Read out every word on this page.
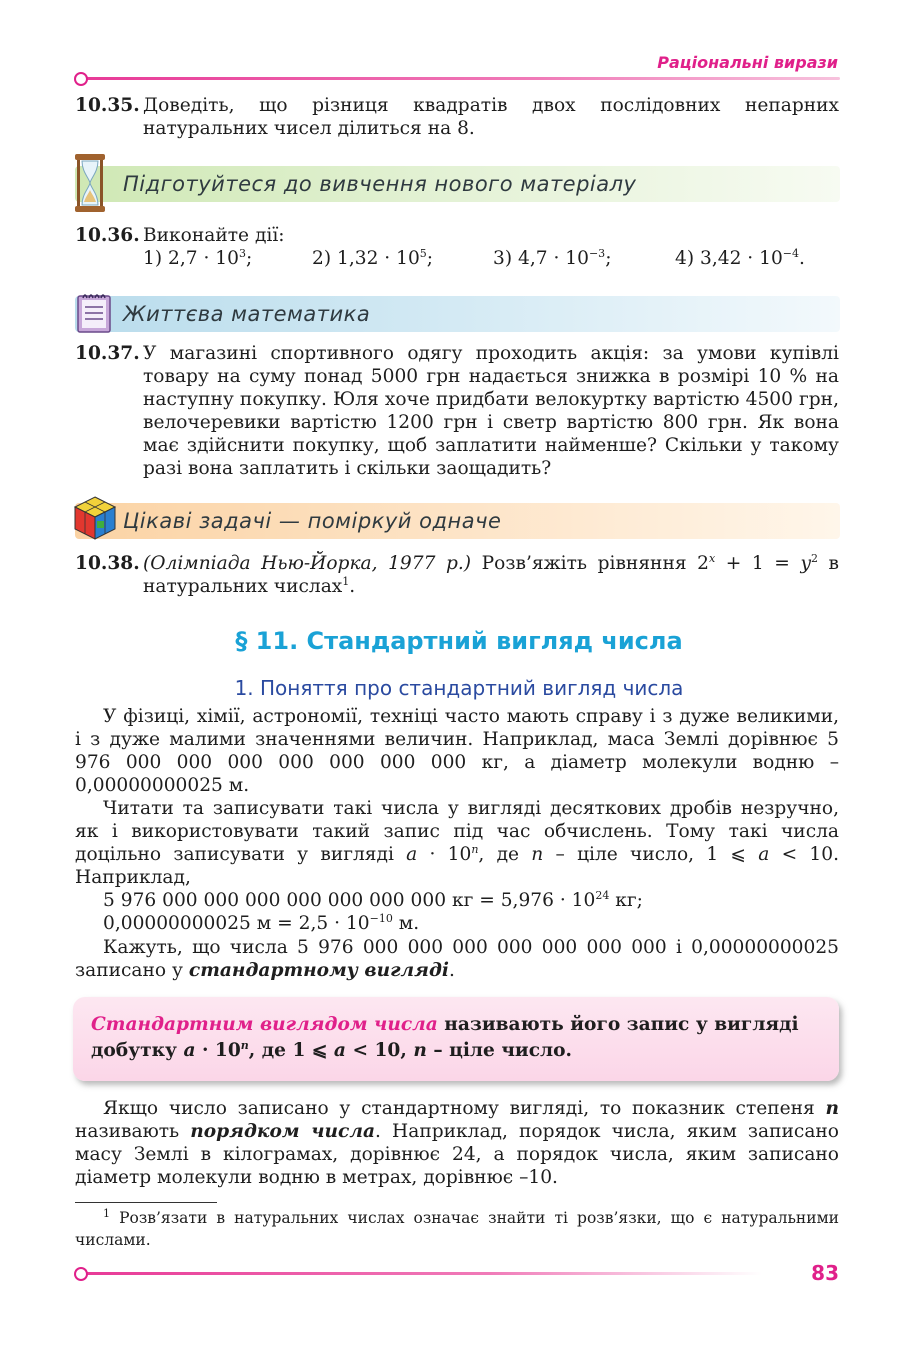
Раціональні вирази
10.35. Доведіть, що різниця квадратів двох послідовних непарних натуральних чисел ділиться на 8.
Підготуйтеся до вивчення нового матеріалу
10.36. Виконайте дії:
1) $2,7 \cdot 10^3$;	2) $1,32 \cdot 10^5$;	3) $4,7 \cdot 10^{-3}$;	4) $3,42 \cdot 10^{-4}$.
Життєва математика
10.37. У магазині спортивного одягу проходить акція: за умови купівлі товару на суму понад 5000 грн надається знижка в розмірі 10 % на наступну покупку. Юля хоче придбати велокуртку вартістю 4500 грн, велочеревики вартістю 1200 грн і светр вартістю 800 грн. Як вона має здійснити покупку, щоб заплатити найменше? Скільки у такому разі вона заплатить і скільки заощадить?
Цікаві задачі — поміркуй одначе
10.38. (Олімпіада Нью-Йорка, 1977 р.) Розв’яжіть рівняння $2^x + 1 = y^2$ в натуральних числах$^1$.
§ 11. Стандартний вигляд числа
1. Поняття про стандартний вигляд числа
У фізиці, хімії, астрономії, техніці часто мають справу і з дуже великими, і з дуже малими значеннями величин. Наприклад, маса Землі дорівнює 5 976 000 000 000 000 000 000 000 кг, а діаметр молекули водню – 0,00000000025 м.
Читати та записувати такі числа у вигляді десяткових дробів незручно, як і використовувати такий запис під час обчислень. Тому такі числа доцільно записувати у вигляді $a \cdot 10^n$, де n – ціле число, 1 ⩽ a < 10. Наприклад,
5 976 000 000 000 000 000 000 000 кг = $5,976 \cdot 10^{24}$ кг;
0,00000000025 $м = 2,5 \cdot 10^{-10}$ м.
Кажуть, що числа 5 976 000 000 000 000 000 000 000 і 0,00000000025 записано у стандартному вигляді.
Стандартним виглядом числа називають його запис у вигляді добутку $a \cdot 10^n$, де 1 ⩽ a < 10, n – ціле число.
Якщо число записано у стандартному вигляді, то показник степеня n називають порядком числа. Наприклад, порядок числа, яким записано масу Землі в кілограмах, дорівнює 24, а порядок числа, яким записано діаметр молекули водню в метрах, дорівнює –10.
$^1$ Розв’язати в натуральних числах означає знайти ті розв’язки, що є натуральними числами.
83
